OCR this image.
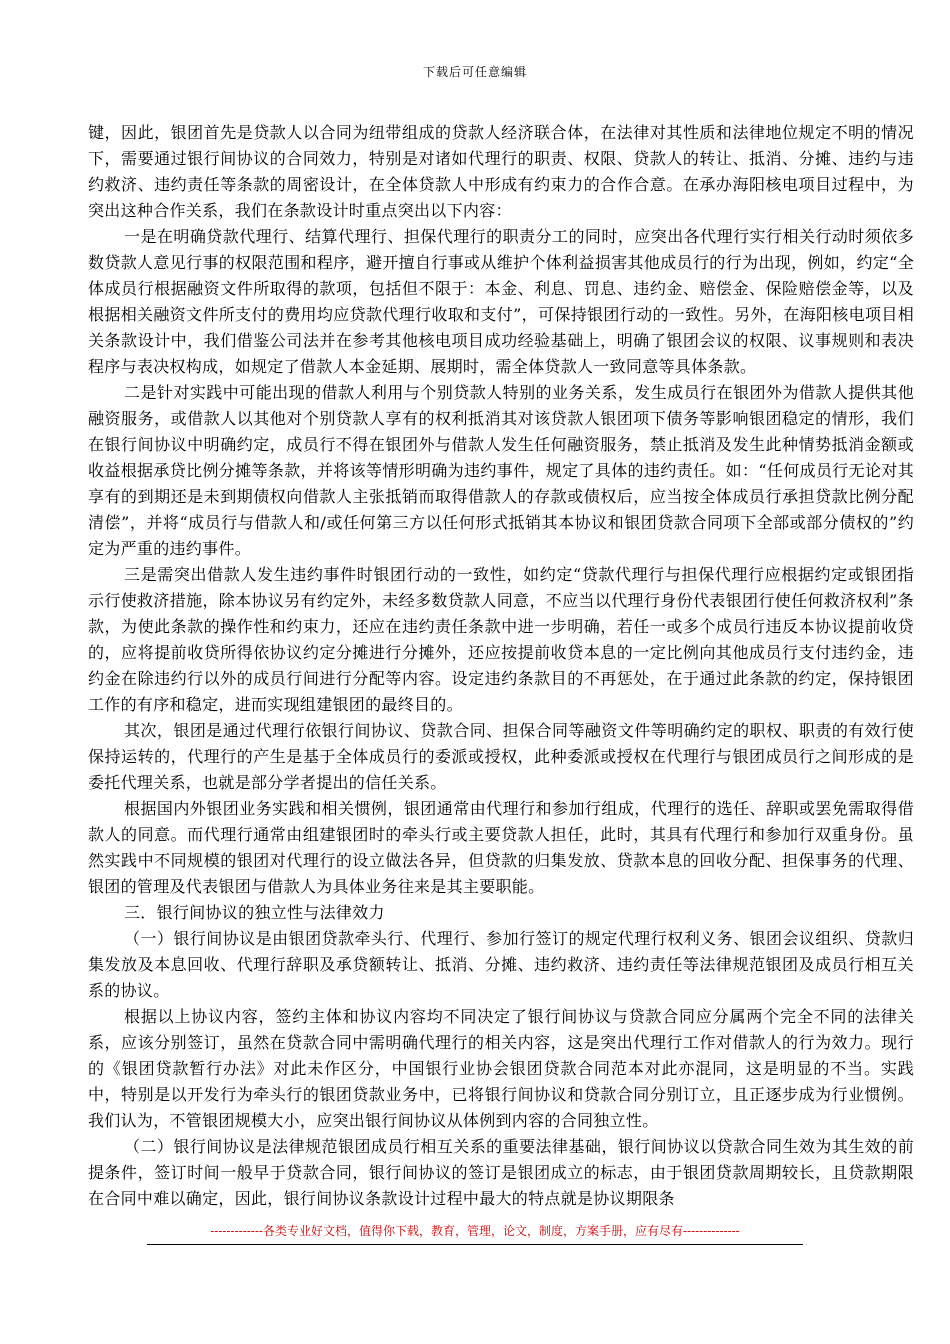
下载后可任意编辑

键，因此，银团首先是贷款人以合同为纽带组成的贷款人经济联合体，在法律对其性质和法律地位规定不明的情况下，需要通过银行间协议的合同效力，特别是对诸如代理行的职责、权限、贷款人的转让、抵消、分摊、违约与违约救济、违约责任等条款的周密设计，在全体贷款人中形成有约束力的合作合意。在承办海阳核电项目过程中，为突出这种合作关系，我们在条款设计时重点突出以下内容：

一是在明确贷款代理行、结算代理行、担保代理行的职责分工的同时，应突出各代理行实行相关行动时须依多数贷款人意见行事的权限范围和程序，避开擅自行事或从维护个体利益损害其他成员行的行为出现，例如，约定“全体成员行根据融资文件所取得的款项，包括但不限于：本金、利息、罚息、违约金、赔偿金、保险赔偿金等，以及根据相关融资文件所支付的费用均应贷款代理行收取和支付”，可保持银团行动的一致性。另外，在海阳核电项目相关条款设计中，我们借鉴公司法并在参考其他核电项目成功经验基础上，明确了银团会议的权限、议事规则和表决程序与表决权构成，如规定了借款人本金延期、展期时，需全体贷款人一致同意等具体条款。

二是针对实践中可能出现的借款人利用与个别贷款人特别的业务关系，发生成员行在银团外为借款人提供其他融资服务，或借款人以其他对个别贷款人享有的权利抵消其对该贷款人银团项下债务等影响银团稳定的情形，我们在银行间协议中明确约定，成员行不得在银团外与借款人发生任何融资服务，禁止抵消及发生此种情势抵消金额或收益根据承贷比例分摊等条款，并将该等情形明确为违约事件，规定了具体的违约责任。如：“任何成员行无论对其享有的到期还是未到期债权向借款人主张抵销而取得借款人的存款或债权后，应当按全体成员行承担贷款比例分配清偿”，并将“成员行与借款人和/或任何第三方以任何形式抵销其本协议和银团贷款合同项下全部或部分债权的”约定为严重的违约事件。

三是需突出借款人发生违约事件时银团行动的一致性，如约定“贷款代理行与担保代理行应根据约定或银团指示行使救济措施，除本协议另有约定外，未经多数贷款人同意，不应当以代理行身份代表银团行使任何救济权利”条款，为使此条款的操作性和约束力，还应在违约责任条款中进一步明确，若任一或多个成员行违反本协议提前收贷的，应将提前收贷所得依协议约定分摊进行分摊外，还应按提前收贷本息的一定比例向其他成员行支付违约金，违约金在除违约行以外的成员行间进行分配等内容。设定违约条款目的不再惩处，在于通过此条款的约定，保持银团工作的有序和稳定，进而实现组建银团的最终目的。

其次，银团是通过代理行依银行间协议、贷款合同、担保合同等融资文件等明确约定的职权、职责的有效行使保持运转的，代理行的产生是基于全体成员行的委派或授权，此种委派或授权在代理行与银团成员行之间形成的是委托代理关系，也就是部分学者提出的信任关系。

根据国内外银团业务实践和相关惯例，银团通常由代理行和参加行组成，代理行的选任、辞职或罢免需取得借款人的同意。而代理行通常由组建银团时的牵头行或主要贷款人担任，此时，其具有代理行和参加行双重身份。虽然实践中不同规模的银团对代理行的设立做法各异，但贷款的归集发放、贷款本息的回收分配、担保事务的代理、银团的管理及代表银团与借款人为具体业务往来是其主要职能。

三．银行间协议的独立性与法律效力

（一）银行间协议是由银团贷款牵头行、代理行、参加行签订的规定代理行权利义务、银团会议组织、贷款归集发放及本息回收、代理行辞职及承贷额转让、抵消、分摊、违约救济、违约责任等法律规范银团及成员行相互关系的协议。

根据以上协议内容，签约主体和协议内容均不同决定了银行间协议与贷款合同应分属两个完全不同的法律关系，应该分别签订，虽然在贷款合同中需明确代理行的相关内容，这是突出代理行工作对借款人的行为效力。现行的《银团贷款暂行办法》对此未作区分，中国银行业协会银团贷款合同范本对此亦混同，这是明显的不当。实践中，特别是以开发行为牵头行的银团贷款业务中，已将银行间协议和贷款合同分别订立，且正逐步成为行业惯例。我们认为，不管银团规模大小，应突出银行间协议从体例到内容的合同独立性。

（二）银行间协议是法律规范银团成员行相互关系的重要法律基础，银行间协议以贷款合同生效为其生效的前提条件，签订时间一般早于贷款合同，银行间协议的签订是银团成立的标志，由于银团贷款周期较长，且贷款期限在合同中难以确定，因此，银行间协议条款设计过程中最大的特点就是协议期限条

-------------各类专业好文档，值得你下载，教育，管理，论文，制度，方案手册，应有尽有--------------
